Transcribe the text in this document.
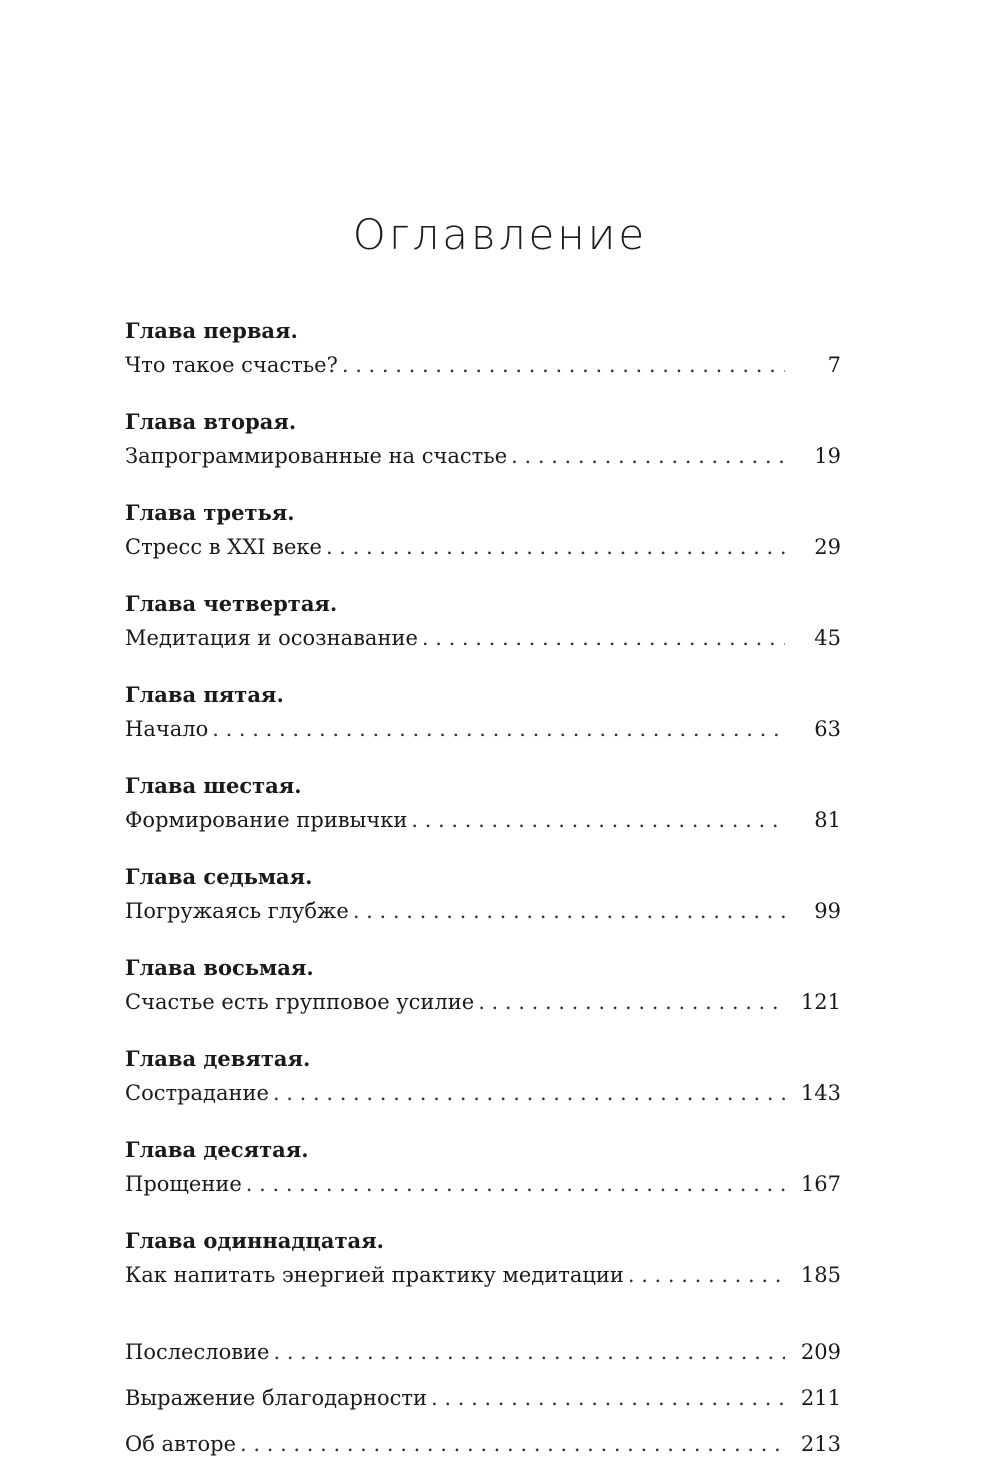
Оглавление
Глава первая.
Что такое счастье? . . .	7
Глава вторая.
Запрограммированные на счастье . . .	19
Глава третья.
Стресс в XXI веке . . .	29
Глава четвертая.
Медитация и осознавание . . .	45
Глава пятая.
Начало . . .	63
Глава шестая.
Формирование привычки . . .	81
Глава седьмая.
Погружаясь глубже . . .	99
Глава восьмая.
Счастье есть групповое усилие . . .	121
Глава девятая.
Сострадание . . .	143
Глава десятая.
Прощение . . .	167
Глава одиннадцатая.
Как напитать энергией практику медитации . . .	185
Послесловие . . .	209
Выражение благодарности . . .	211
Об авторе . . .	213
